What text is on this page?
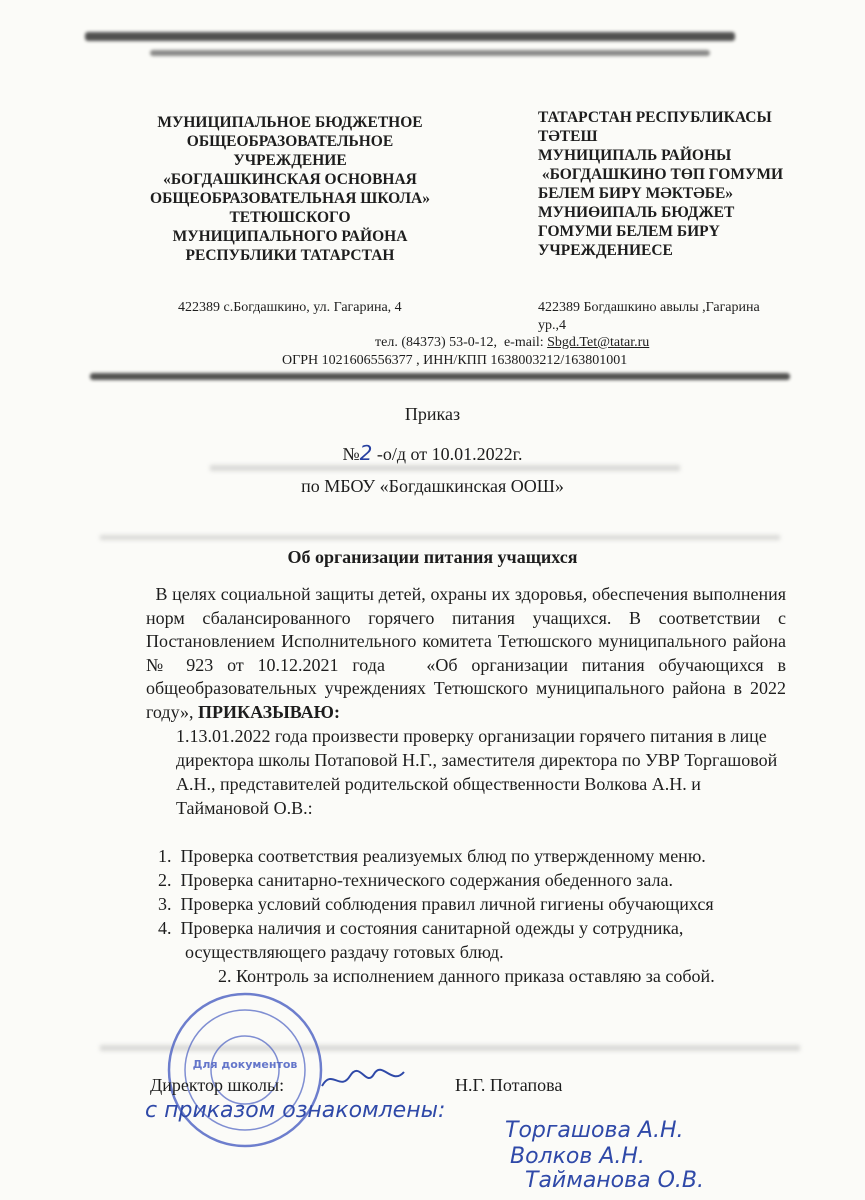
МУНИЦИПАЛЬНОЕ БЮДЖЕТНОЕ
ОБЩЕОБРАЗОВАТЕЛЬНОЕ
УЧРЕЖДЕНИЕ
«БОГДАШКИНСКАЯ ОСНОВНАЯ
ОБЩЕОБРАЗОВАТЕЛЬНАЯ ШКОЛА»
ТЕТЮШСКОГО
МУНИЦИПАЛЬНОГО РАЙОНА
РЕСПУБЛИКИ ТАТАРСТАН
422389 с.Богдашкино, ул. Гагарина, 4
ТАТАРСТАН РЕСПУБЛИКАСЫ
ТӘТЕШ
МУНИЦИПАЛЬ РАЙОНЫ
«БОГДАШКИНО ТӨП ГОМУМИ
БЕЛЕМ БИРҮ МӘКТӘБЕ»
МУНИӨИПАЛЬ БЮДЖЕТ
ГОМУМИ БЕЛЕМ БИРҮ
УЧРЕЖДЕНИЕСЕ
422389 Богдашкино авылы ,Гагарина
ур.,4
тел. (84373) 53-0-12,  e-mail: Sbgd.Tet@tatar.ru
ОГРН 1021606556377 , ИНН/КПП 1638003212/163801001
Приказ
№2 -о/д от 10.01.2022г.
по МБОУ «Богдашкинская ООШ»
Об организации питания учащихся
В целях социальной защиты детей, охраны их здоровья, обеспечения выполнения норм сбалансированного горячего питания учащихся. В соответствии с Постановлением Исполнительного комитета Тетюшского муниципального района № 923 от 10.12.2021 года   «Об организации питания обучающихся в общеобразовательных учреждениях Тетюшского муниципального района в 2022 году», ПРИКАЗЫВАЮ:
1.13.01.2022 года произвести проверку организации горячего питания в лице директора школы Потаповой Н.Г., заместителя директора по УВР Торгашовой А.Н., представителей родительской общественности Волкова А.Н. и Таймановой О.В.:
1.  Проверка соответствия реализуемых блюд по утвержденному меню.
2.  Проверка санитарно-технического содержания обеденного зала.
3.  Проверка условий соблюдения правил личной гигиены обучающихся
4.  Проверка наличия и состояния санитарной одежды у сотрудника,
осуществляющего раздачу готовых блюд.
2. Контроль за исполнением данного приказа оставляю за собой.
Для документов
Директор школы:	Н.Г. Потапова
с приказом ознакомлены:
Торгашова А.Н.
Волков А.Н.
Тайманова О.В.
